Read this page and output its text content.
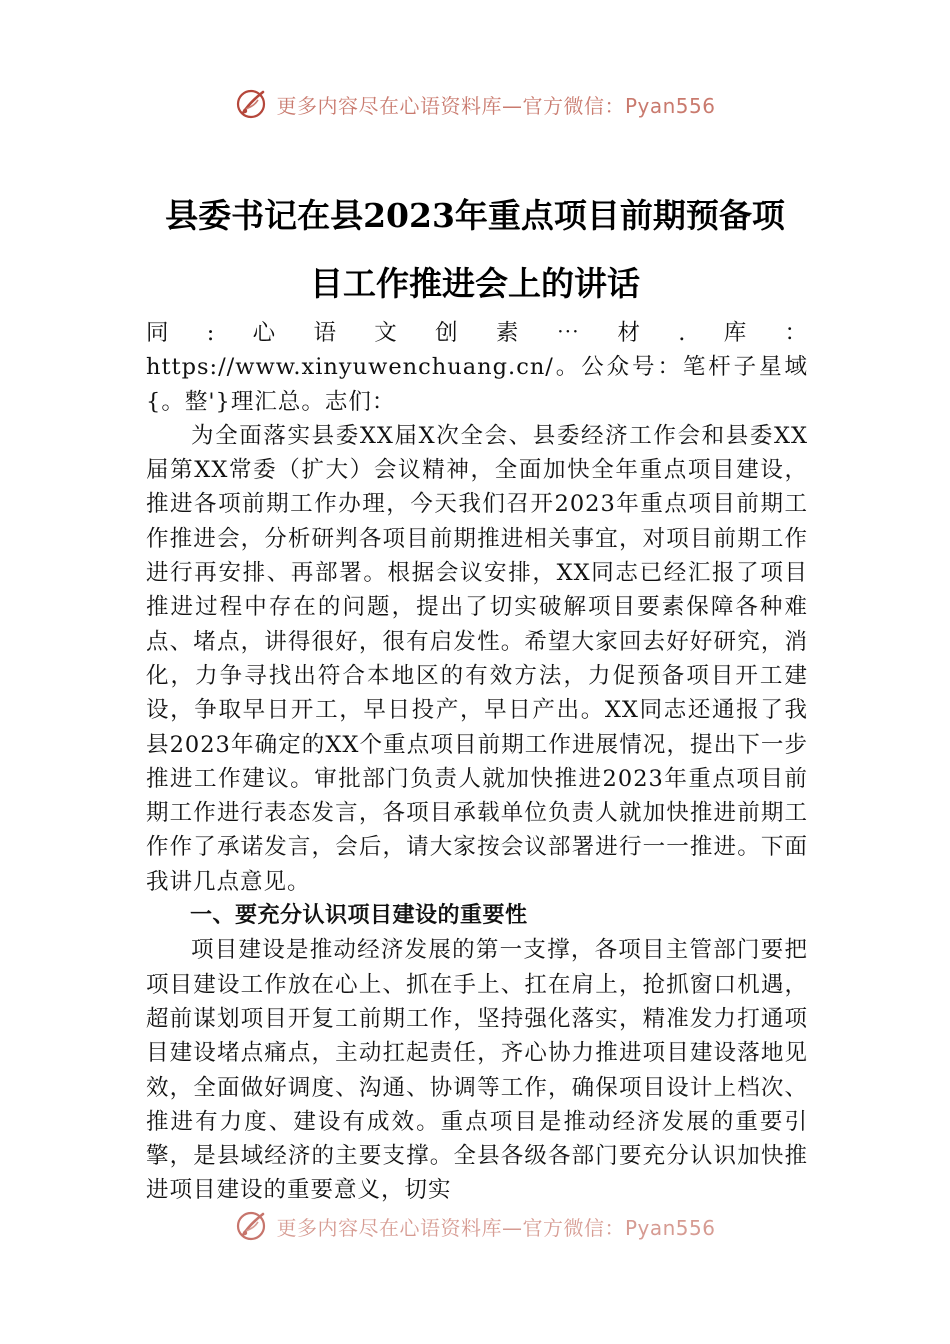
更多内容尽在心语资料库—官方微信：Pyan556
县委书记在县2023年重点项目前期预备项
目工作推进会上的讲话

同:心语文创素⋯材.库：https://www.xinyuwenchuang.cn/。公众号：笔杆子星域{。整'}理汇总。志们：

为全面落实县委XX届X次全会、县委经济工作会和县委XX届第XX常委（扩大）会议精神，全面加快全年重点项目建设，推进各项前期工作办理，今天我们召开2023年重点项目前期工作推进会，分析研判各项目前期推进相关事宜，对项目前期工作进行再安排、再部署。根据会议安排，XX同志已经汇报了项目推进过程中存在的问题，提出了切实破解项目要素保障各种难点、堵点，讲得很好，很有启发性。希望大家回去好好研究，消化，力争寻找出符合本地区的有效方法，力促预备项目开工建设，争取早日开工，早日投产，早日产出。XX同志还通报了我县2023年确定的XX个重点项目前期工作进展情况，提出下一步推进工作建议。审批部门负责人就加快推进2023年重点项目前期工作进行表态发言，各项目承载单位负责人就加快推进前期工作作了承诺发言，会后，请大家按会议部署进行一一推进。下面我讲几点意见。

一、要充分认识项目建设的重要性

项目建设是推动经济发展的第一支撑，各项目主管部门要把项目建设工作放在心上、抓在手上、扛在肩上，抢抓窗口机遇，超前谋划项目开复工前期工作，坚持强化落实，精准发力打通项目建设堵点痛点，主动扛起责任，齐心协力推进项目建设落地见效，全面做好调度、沟通、协调等工作，确保项目设计上档次、推进有力度、建设有成效。重点项目是推动经济发展的重要引擎，是县域经济的主要支撑。全县各级各部门要充分认识加快推进项目建设的重要意义，切实

更多内容尽在心语资料库—官方微信：Pyan556
